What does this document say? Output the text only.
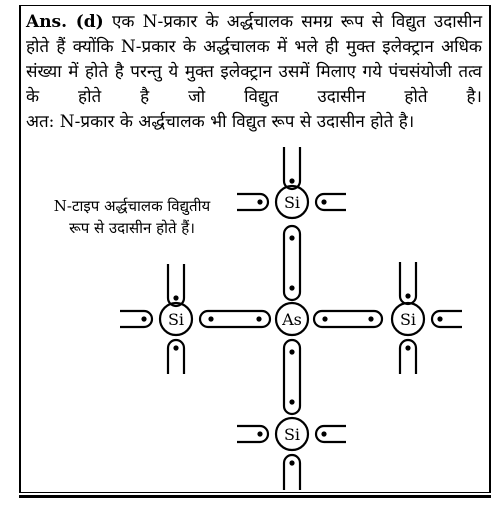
Ans. (d) एक N-प्रकार के अर्द्धचालक समग्र रूप से विद्युत उदासीन होते हैं क्योंकि N-प्रकार के अर्द्धचालक में भले ही मुक्त इलेक्ट्रान अधिक संख्या में होते है परन्तु ये मुक्त इलेक्ट्रान उसमें मिलाए गये पंचसंयोजी तत्व के होते है जो विद्युत उदासीन होते है।
अत: N-प्रकार के अर्द्धचालक भी विद्युत रूप से उदासीन होते है।

N-टाइप अर्द्धचालक विद्युतीय
रूप से उदासीन होते हैं।
Si
Si	As	Si
Si
